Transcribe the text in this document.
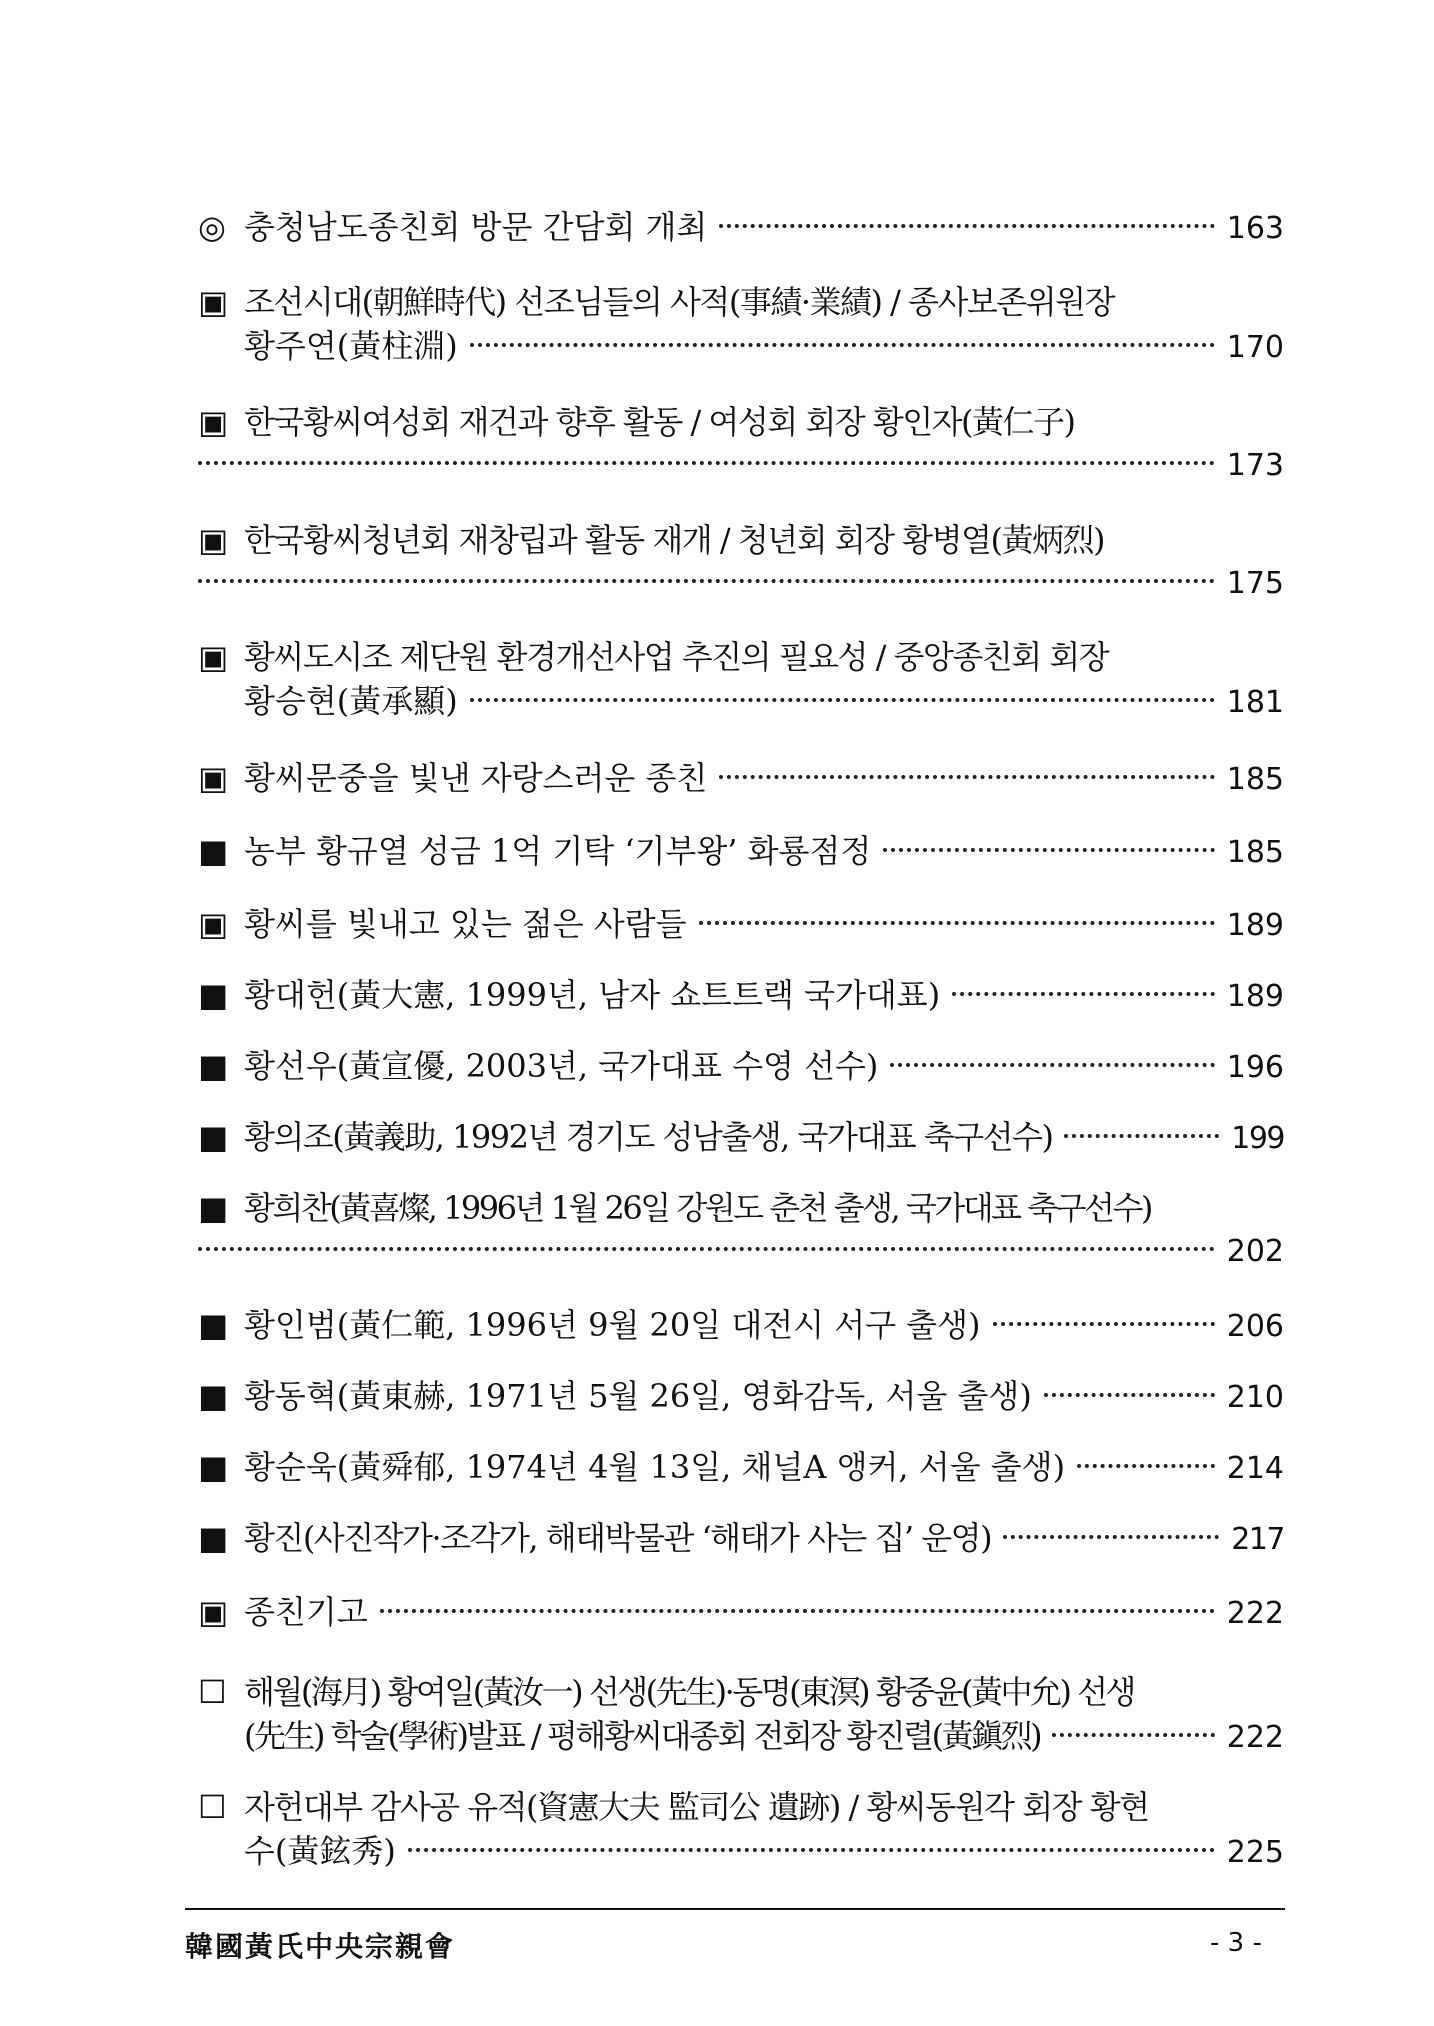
◎ 충청남도종친회 방문 간담회 개최	163
▣ 조선시대(朝鮮時代) 선조님들의 사적(事績·業績) / 종사보존위원장
황주연(黃柱淵)	170
▣ 한국황씨여성회 재건과 향후 활동 / 여성회 회장 황인자(黃仁子)
173
▣ 한국황씨청년회 재창립과 활동 재개 / 청년회 회장 황병열(黃炳烈)
175
▣ 황씨도시조 제단원 환경개선사업 추진의 필요성 / 중앙종친회 회장
황승현(黃承顯)	181
▣ 황씨문중을 빛낸 자랑스러운 종친	185
■ 농부 황규열 성금 1억 기탁 ‘기부왕’ 화룡점정	185
▣ 황씨를 빛내고 있는 젊은 사람들	189
■ 황대헌(黃大憲, 1999년, 남자 쇼트트랙 국가대표)	189
■ 황선우(黃宣優, 2003년, 국가대표 수영 선수)	196
■ 황의조(黃義助, 1992년 경기도 성남출생, 국가대표 축구선수)	199
■ 황희찬(黃喜燦, 1996년 1월 26일 강원도 춘천 출생, 국가대표 축구선수)
202
■ 황인범(黃仁範, 1996년 9월 20일 대전시 서구 출생)	206
■ 황동혁(黃東赫, 1971년 5월 26일, 영화감독, 서울 출생)	210
■ 황순욱(黃舜郁, 1974년 4월 13일, 채널A 앵커, 서울 출생)	214
■ 황진(사진작가·조각가, 해태박물관 ‘해태가 사는 집’ 운영)	217
▣ 종친기고	222
☐ 해월(海月) 황여일(黃汝一) 선생(先生)·동명(東溟) 황중윤(黃中允) 선생
(先生) 학술(學術)발표 / 평해황씨대종회 전회장 황진렬(黃鎭烈)	222
☐ 자헌대부 감사공 유적(資憲大夫 監司公 遺跡) / 황씨동원각 회장 황현
수(黃鉉秀)	225
韓國黃氏中央宗親會	- 3 -
